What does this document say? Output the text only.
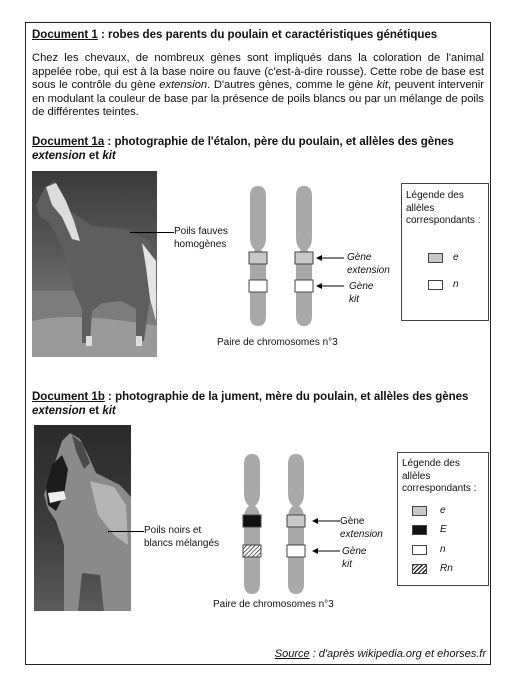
Document 1 : robes des parents du poulain et caractéristiques génétiques
Chez les chevaux, de nombreux gènes sont impliqués dans la coloration de l'animal appelée robe, qui est à la base noire ou fauve (c'est-à-dire rousse). Cette robe de base est sous le contrôle du gène extension. D'autres gènes, comme le gène kit, peuvent intervenir en modulant la couleur de base par la présence de poils blancs ou par un mélange de poils de différentes teintes.
Document 1a : photographie de l'étalon, père du poulain, et allèles des gènes extension et kit
Poils fauves
homogènes
Gène
extension
Gène
kit
Paire de chromosomes n°3
Légende des
allèles
correspondants :
e
n
Document 1b : photographie de la jument, mère du poulain, et allèles des gènes extension et kit
Poils noirs et
blancs mélangés
Gène
extension
Gène
kit
Paire de chromosomes n°3
Légende des
allèles
correspondants :
e
E
n
Rn
Source : d'après wikipedia.org et ehorses.fr
